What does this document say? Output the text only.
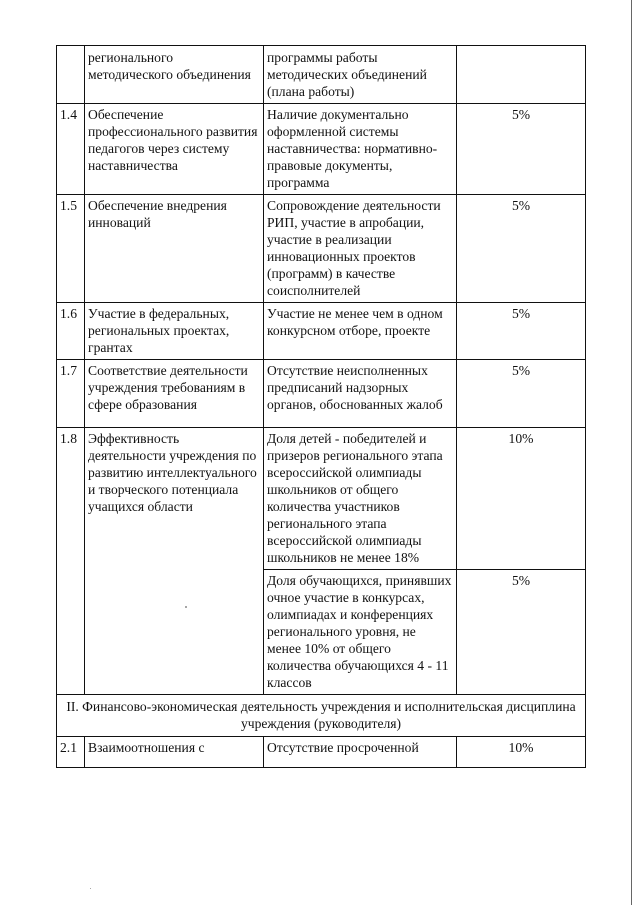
	регионального методического объединения	программы работы методических объединений (плана работы)	
1.4	Обеспечение профессионального развития педагогов через систему наставничества	Наличие документально оформленной системы наставничества: нормативно-правовые документы, программа	5%
1.5	Обеспечение внедрения инноваций	Сопровождение деятельности РИП, участие в апробации, участие в реализации инновационных проектов (программ) в качестве соисполнителей	5%
1.6	Участие в федеральных, региональных проектах, грантах	Участие не менее чем в одном конкурсном отборе, проекте	5%
1.7	Соответствие деятельности учреждения требованиям в сфере образования	Отсутствие неисполненных предписаний надзорных органов, обоснованных жалоб	5%
1.8	Эффективность деятельности учреждения по развитию интеллектуального и творческого потенциала учащихся области	Доля детей - победителей и призеров регионального этапа всероссийской олимпиады школьников от общего количества участников регионального этапа всероссийской олимпиады школьников не менее 18%	10%
		Доля обучающихся, принявших очное участие в конкурсах, олимпиадах и конференциях регионального уровня, не менее 10% от общего количества обучающихся 4 - 11 классов	5%
II. Финансово-экономическая деятельность учреждения и исполнительская дисциплина учреждения (руководителя)			
2.1	Взаимоотношения с	Отсутствие просроченной	10%
